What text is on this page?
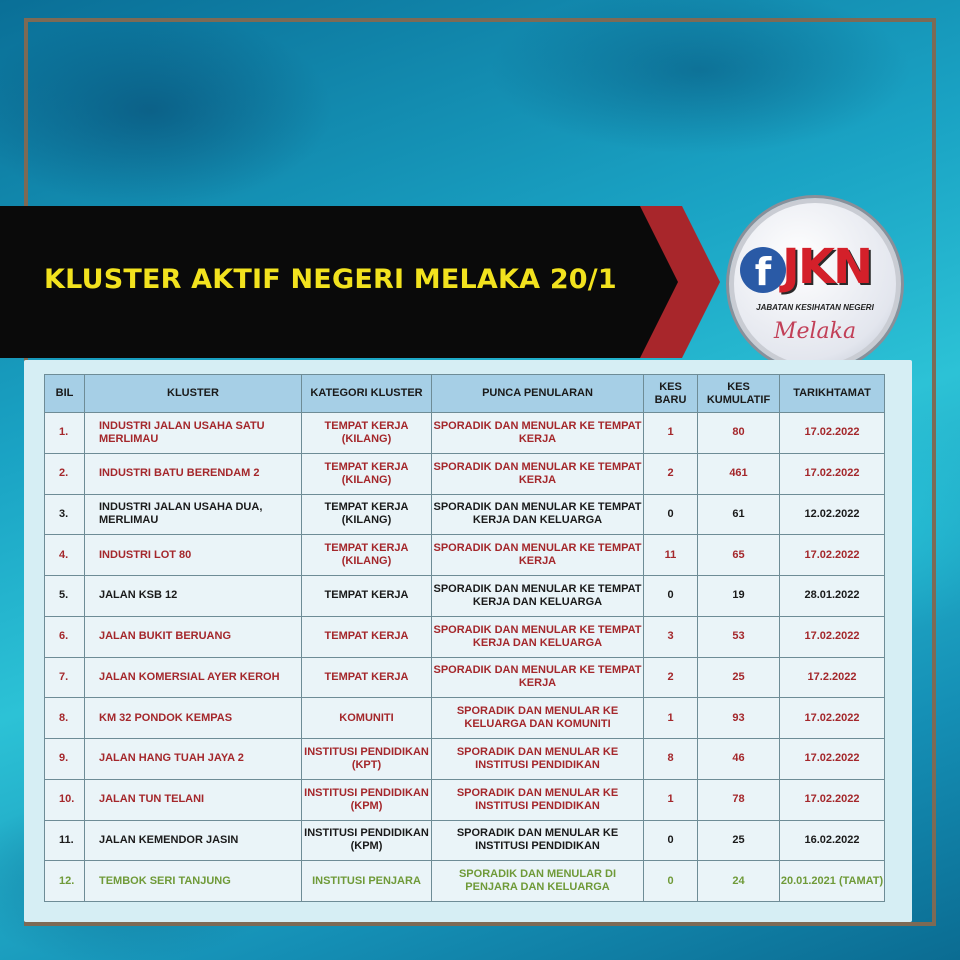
KLUSTER AKTIF NEGERI MELAKA 20/1	f JKN
JABATAN KESIHATAN NEGERI
Melaka
BIL	KLUSTER	KATEGORI KLUSTER	PUNCA PENULARAN	KES BARU	KES KUMULATIF	TARIKHTAMAT
1.	INDUSTRI JALAN USAHA SATU MERLIMAU	TEMPAT KERJA (KILANG)	SPORADIK DAN MENULAR KE TEMPAT KERJA	1	80	17.02.2022
2.	INDUSTRI BATU BERENDAM 2	TEMPAT KERJA (KILANG)	SPORADIK DAN MENULAR KE TEMPAT KERJA	2	461	17.02.2022
3.	INDUSTRI JALAN USAHA DUA, MERLIMAU	TEMPAT KERJA (KILANG)	SPORADIK DAN MENULAR KE TEMPAT KERJA DAN KELUARGA	0	61	12.02.2022
4.	INDUSTRI LOT 80	TEMPAT KERJA (KILANG)	SPORADIK DAN MENULAR KE TEMPAT KERJA	11	65	17.02.2022
5.	JALAN KSB 12	TEMPAT KERJA	SPORADIK DAN MENULAR KE TEMPAT KERJA DAN KELUARGA	0	19	28.01.2022
6.	JALAN BUKIT BERUANG	TEMPAT KERJA	SPORADIK DAN MENULAR KE TEMPAT KERJA DAN KELUARGA	3	53	17.02.2022
7.	JALAN KOMERSIAL AYER KEROH	TEMPAT KERJA	SPORADIK DAN MENULAR KE TEMPAT KERJA	2	25	17.2.2022
8.	KM 32 PONDOK KEMPAS	KOMUNITI	SPORADIK DAN MENULAR KE KELUARGA DAN KOMUNITI	1	93	17.02.2022
9.	JALAN HANG TUAH JAYA 2	INSTITUSI PENDIDIKAN (KPT)	SPORADIK DAN MENULAR KE INSTITUSI PENDIDIKAN	8	46	17.02.2022
10.	JALAN TUN TELANI	INSTITUSI PENDIDIKAN (KPM)	SPORADIK DAN MENULAR KE INSTITUSI PENDIDIKAN	1	78	17.02.2022
11.	JALAN KEMENDOR JASIN	INSTITUSI PENDIDIKAN (KPM)	SPORADIK DAN MENULAR KE INSTITUSI PENDIDIKAN	0	25	16.02.2022
12.	TEMBOK SERI TANJUNG	INSTITUSI PENJARA	SPORADIK DAN MENULAR DI PENJARA DAN KELUARGA	0	24	20.01.2021 (TAMAT)
